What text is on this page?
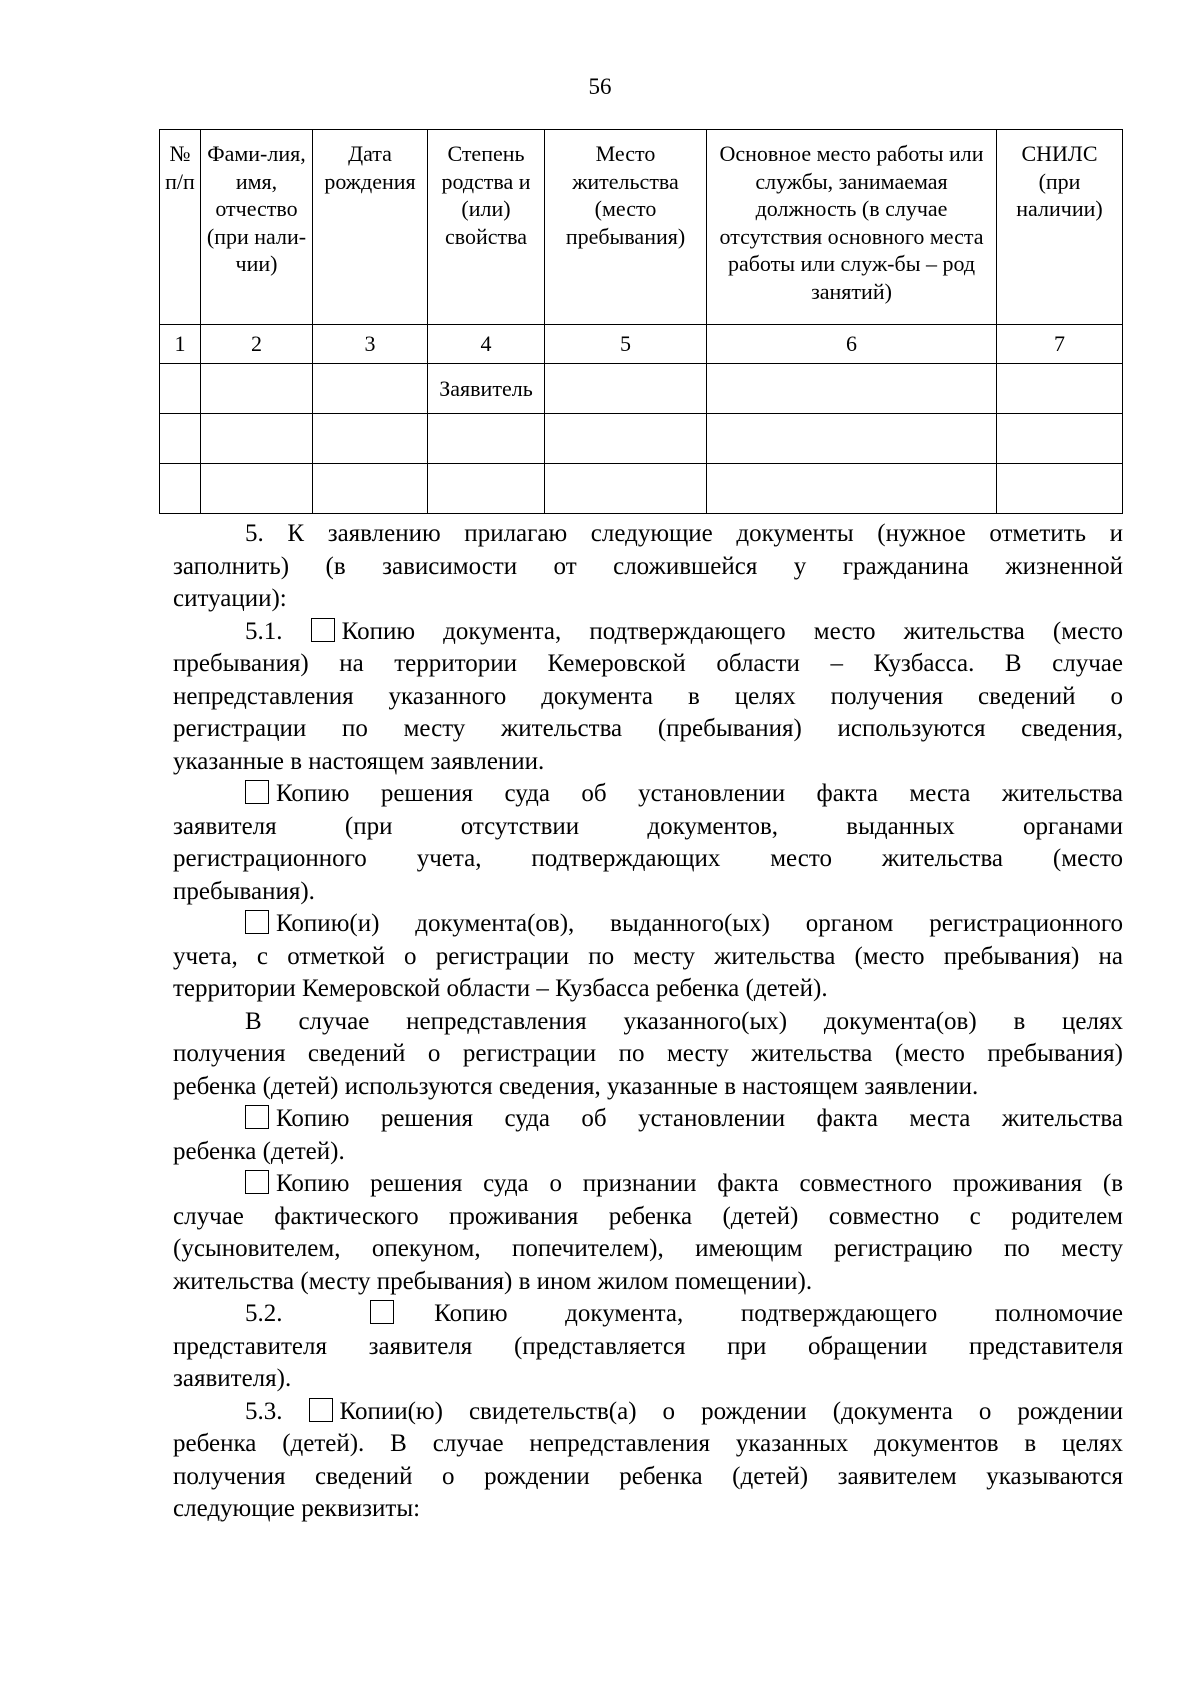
56
№ п/п	Фами-лия, имя, отчество (при нали-чии)	Дата рождения	Степень родства и (или) свойства	Место жительства (место пребывания)	Основное место работы или службы, занимаемая должность (в случае отсутствия основного места работы или служ-бы – род занятий)	СНИЛС (при наличии)
1	2	3	4	5	6	7
			Заявитель			

5. К заявлению прилагаю следующие документы (нужное отметить и

заполнить) (в зависимости от сложившейся у гражданина жизненной

ситуации):

5.1. Копию документа, подтверждающего место жительства (место

пребывания) на территории Кемеровской области – Кузбасса. В случае

непредставления указанного документа в целях получения сведений о

регистрации по месту жительства (пребывания) используются сведения,

указанные в настоящем заявлении.

Копию решения суда об установлении факта места жительства

заявителя (при отсутствии документов, выданных органами

регистрационного учета, подтверждающих место жительства (место

пребывания).

Копию(и) документа(ов), выданного(ых) органом регистрационного

учета, с отметкой о регистрации по месту жительства (место пребывания) на

территории Кемеровской области – Кузбасса ребенка (детей).

В случае непредставления указанного(ых) документа(ов) в целях

получения сведений о регистрации по месту жительства (место пребывания)

ребенка (детей) используются сведения, указанные в настоящем заявлении.

Копию решения суда об установлении факта места жительства

ребенка (детей).

Копию решения суда о признании факта совместного проживания (в

случае фактического проживания ребенка (детей) совместно с родителем

(усыновителем, опекуном, попечителем), имеющим регистрацию по месту

жительства (месту пребывания) в ином жилом помещении).

5.2.	Копию документа, подтверждающего полномочие

представителя заявителя (представляется при обращении представителя

заявителя).

5.3. Копии(ю) свидетельств(а) о рождении (документа о рождении

ребенка (детей). В случае непредставления указанных документов в целях

получения сведений о рождении ребенка (детей) заявителем указываются

следующие реквизиты:
